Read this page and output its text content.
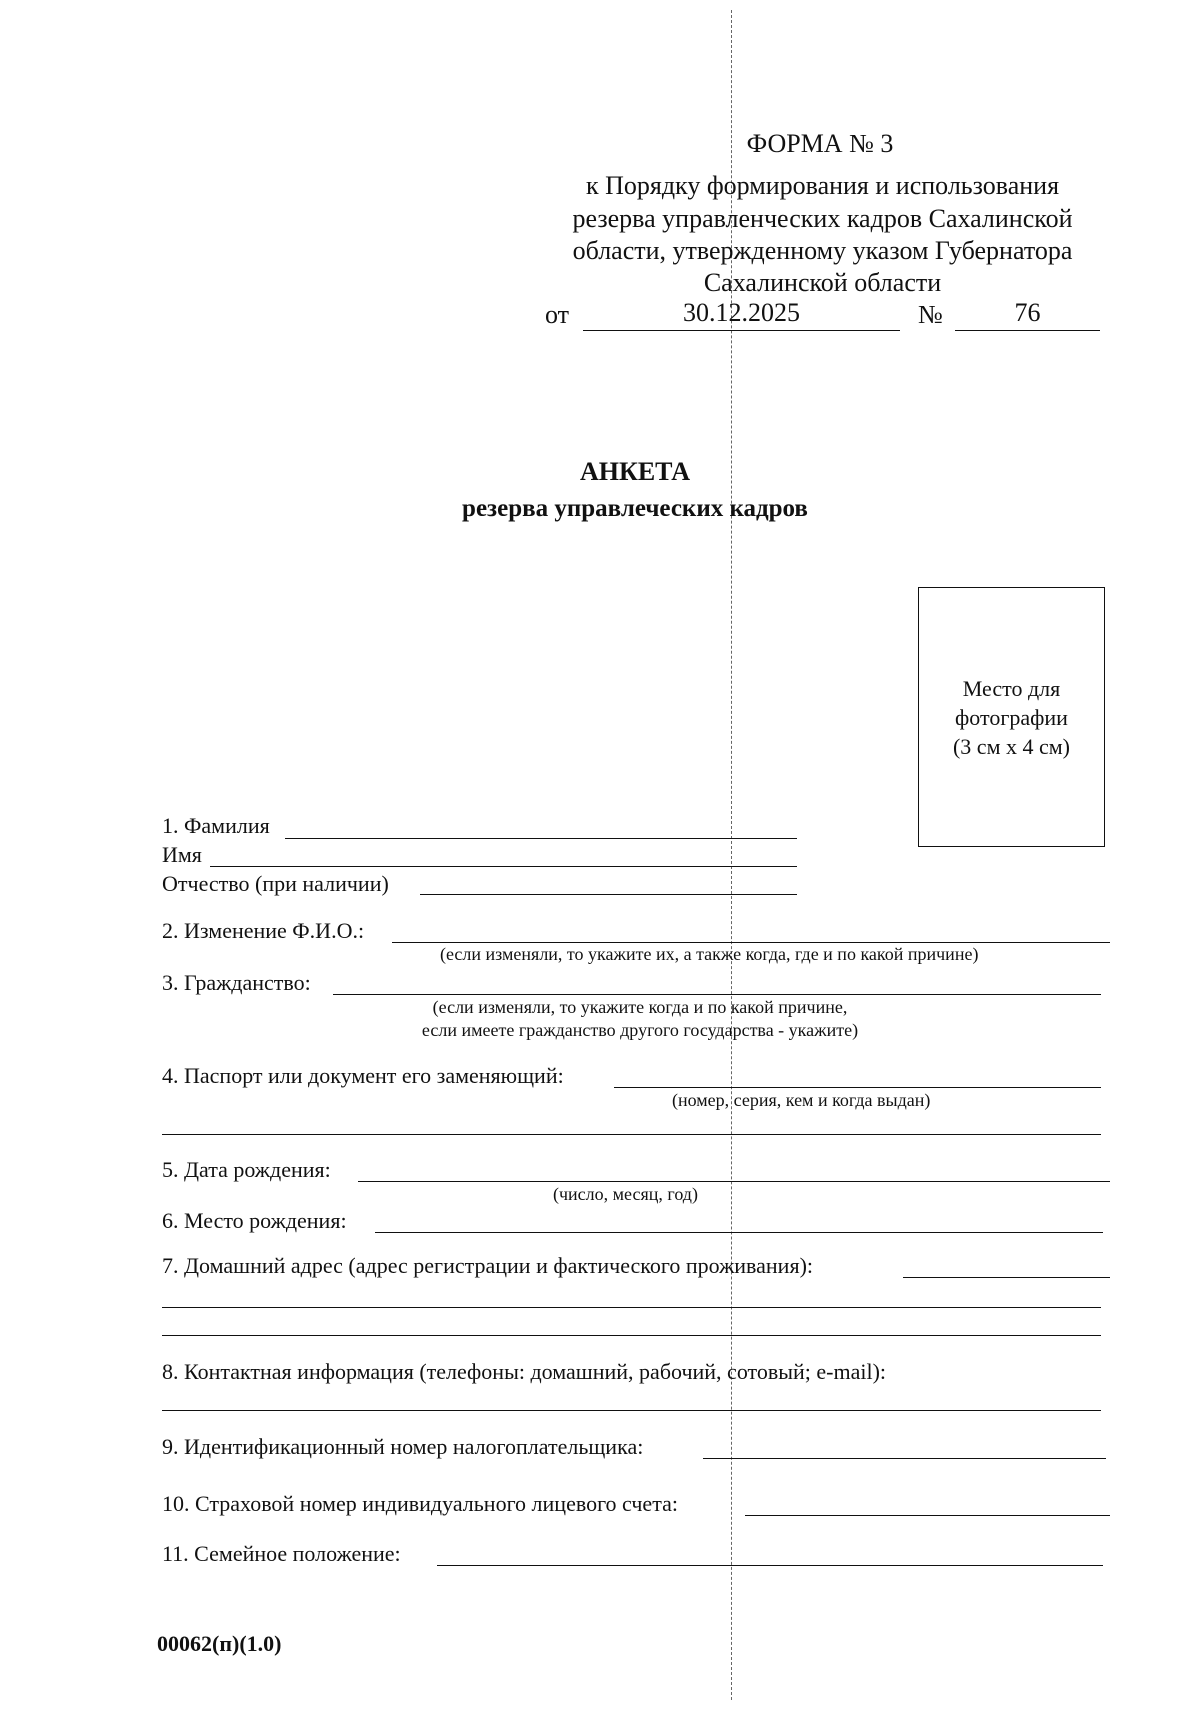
ФОРМА № 3
к Порядку формирования и использования
резерва управленческих кадров Сахалинской
области, утвержденному указом Губернатора
Сахалинской области
от	30.12.2025	№	76
АНКЕТА
резерва управлеческих кадров
Место для
фотографии
(3 см х 4 см)
1. Фамилия
Имя
Отчество (при наличии)
2. Изменение Ф.И.О.:
(если изменяли, то укажите их, а также когда, где и по какой причине)
3. Гражданство:
(если изменяли, то укажите когда и по какой причине,
если имеете гражданство другого государства - укажите)
4. Паспорт или документ его заменяющий:
(номер, серия, кем и когда выдан)
5. Дата рождения:
(число, месяц, год)
6. Место рождения:
7. Домашний адрес (адрес регистрации и фактического проживания):
8. Контактная информация (телефоны: домашний, рабочий, сотовый; e-mail):
9. Идентификационный номер налогоплательщика:
10. Страховой номер индивидуального лицевого счета:
11. Семейное положение:
00062(п)(1.0)
